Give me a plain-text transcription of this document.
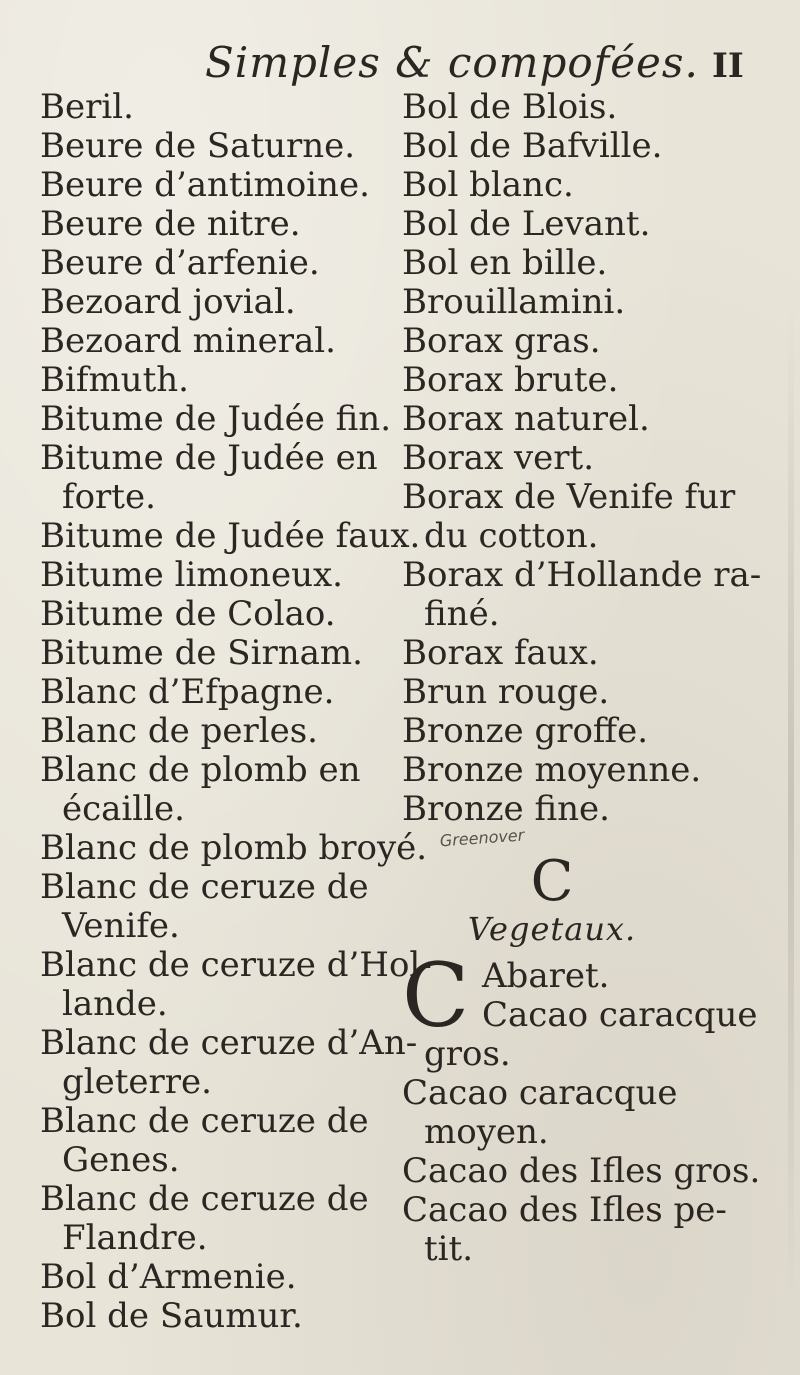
Simples & compofées. II
Beril.
Beure de Saturne.
Beure d’antimoine.
Beure de nitre.
Beure d’arfenie.
Bezoard jovial.
Bezoard mineral.
Bifmuth.
Bitume de Judée fin.
Bitume de Judée en
forte.
Bitume de Judée faux.
Bitume limoneux.
Bitume de Colao.
Bitume de Sirnam.
Blanc d’Efpagne.
Blanc de perles.
Blanc de plomb en
écaille.
Blanc de plomb broyé.
Blanc de ceruze de
Venife.
Blanc de ceruze d’Hol-
lande.
Blanc de ceruze d’An-
gleterre.
Blanc de ceruze de
Genes.
Blanc de ceruze de
Flandre.
Bol d’Armenie.
Bol de Saumur.
Bol de Blois.
Bol de Bafville.
Bol blanc.
Bol de Levant.
Bol en bille.
Brouillamini.
Borax gras.
Borax brute.
Borax naturel.
Borax vert.
Borax de Venife fur
du cotton.
Borax d’Hollande ra-
finé.
Borax faux.
Brun rouge.
Bronze groffe.
Bronze moyenne.
Bronze fine.
Greenover
C
Vegetaux.
C Abaret.
Cacao caracque
gros.
Cacao caracque
moyen.
Cacao des Ifles gros.
Cacao des Ifles pe-
tit.
